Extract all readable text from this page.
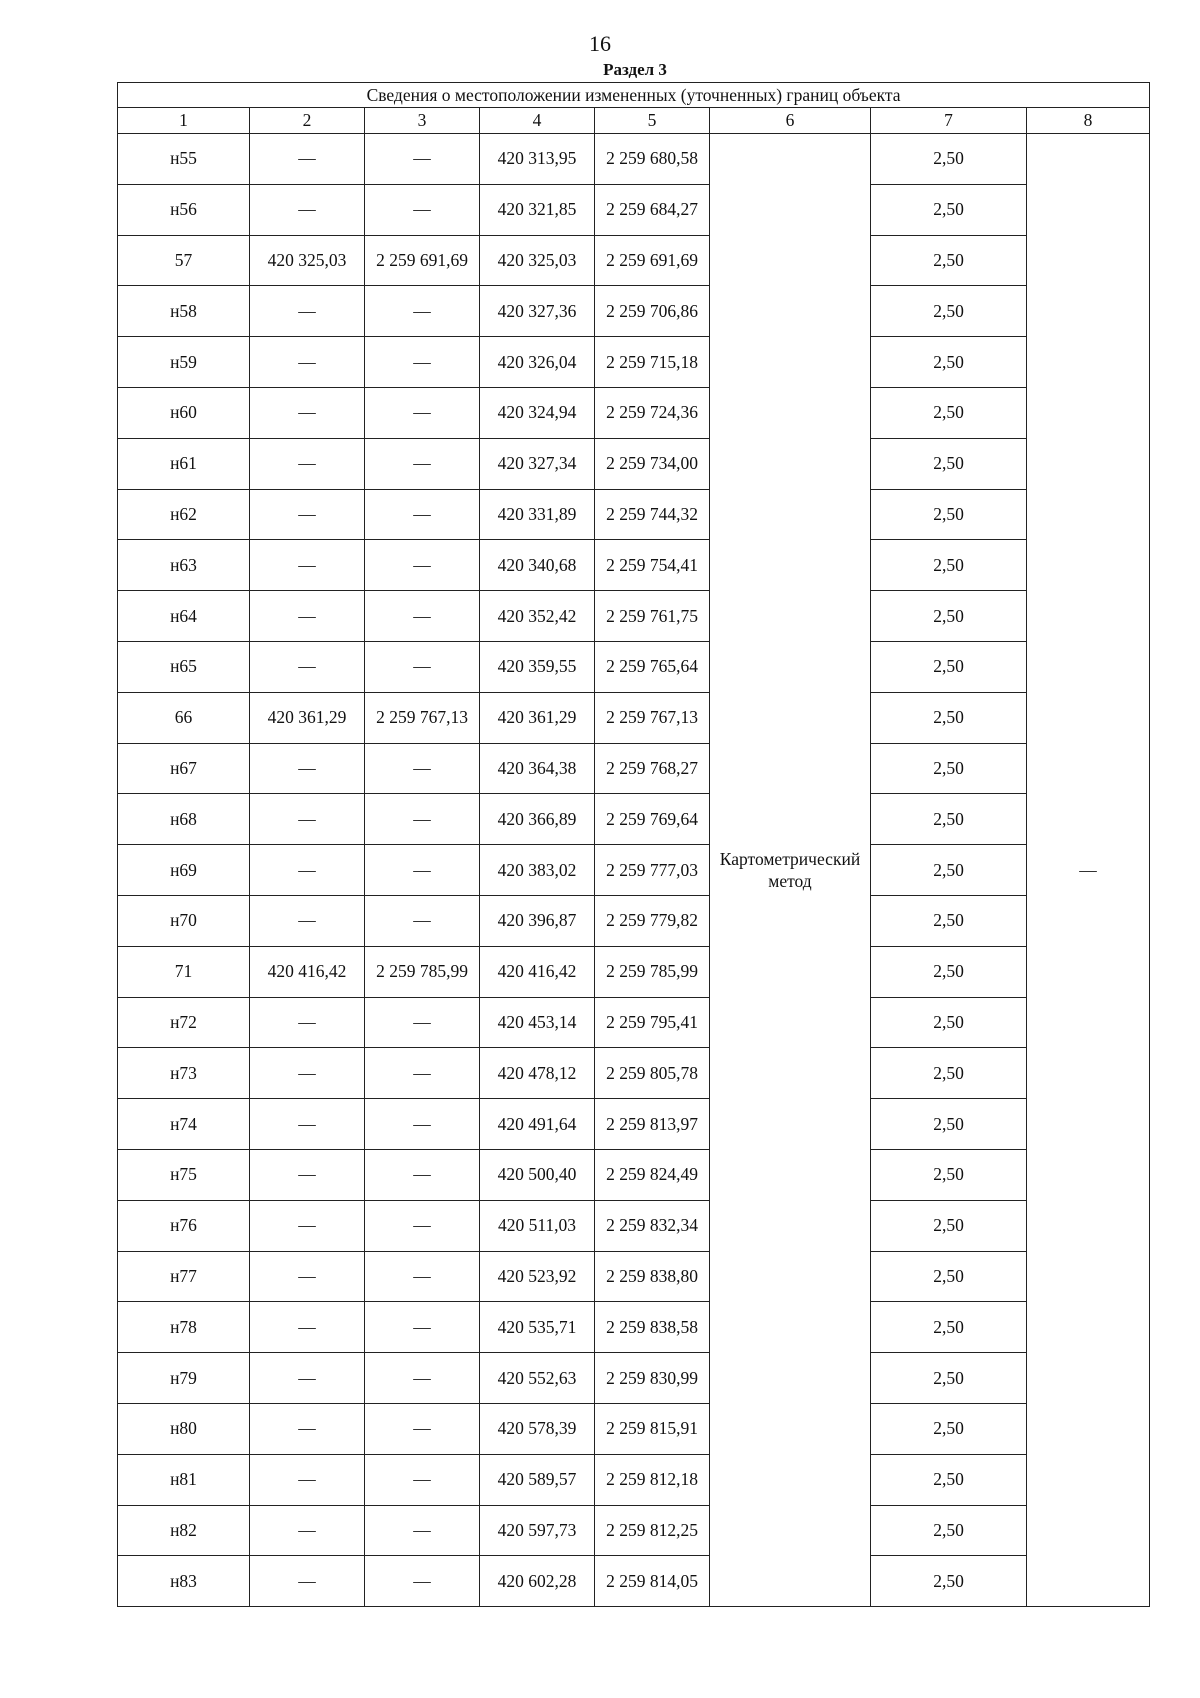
16
Раздел 3
Сведения о местоположении измененных (уточненных) границ объекта							
1	2	3	4	5	6	7	8
н55	—	—	420 313,95	2 259 680,58	Картометрический метод	2,50	—
н56	—	—	420 321,85	2 259 684,27		2,50	
57	420 325,03	2 259 691,69	420 325,03	2 259 691,69		2,50	
н58	—	—	420 327,36	2 259 706,86		2,50	
н59	—	—	420 326,04	2 259 715,18		2,50	
н60	—	—	420 324,94	2 259 724,36		2,50	
н61	—	—	420 327,34	2 259 734,00		2,50	
н62	—	—	420 331,89	2 259 744,32		2,50	
н63	—	—	420 340,68	2 259 754,41		2,50	
н64	—	—	420 352,42	2 259 761,75		2,50	
н65	—	—	420 359,55	2 259 765,64		2,50	
66	420 361,29	2 259 767,13	420 361,29	2 259 767,13		2,50	
н67	—	—	420 364,38	2 259 768,27		2,50	
н68	—	—	420 366,89	2 259 769,64		2,50	
н69	—	—	420 383,02	2 259 777,03		2,50	
н70	—	—	420 396,87	2 259 779,82		2,50	
71	420 416,42	2 259 785,99	420 416,42	2 259 785,99		2,50	
н72	—	—	420 453,14	2 259 795,41		2,50	
н73	—	—	420 478,12	2 259 805,78		2,50	
н74	—	—	420 491,64	2 259 813,97		2,50	
н75	—	—	420 500,40	2 259 824,49		2,50	
н76	—	—	420 511,03	2 259 832,34		2,50	
н77	—	—	420 523,92	2 259 838,80		2,50	
н78	—	—	420 535,71	2 259 838,58		2,50	
н79	—	—	420 552,63	2 259 830,99		2,50	
н80	—	—	420 578,39	2 259 815,91		2,50	
н81	—	—	420 589,57	2 259 812,18		2,50	
н82	—	—	420 597,73	2 259 812,25		2,50	
н83	—	—	420 602,28	2 259 814,05		2,50	
